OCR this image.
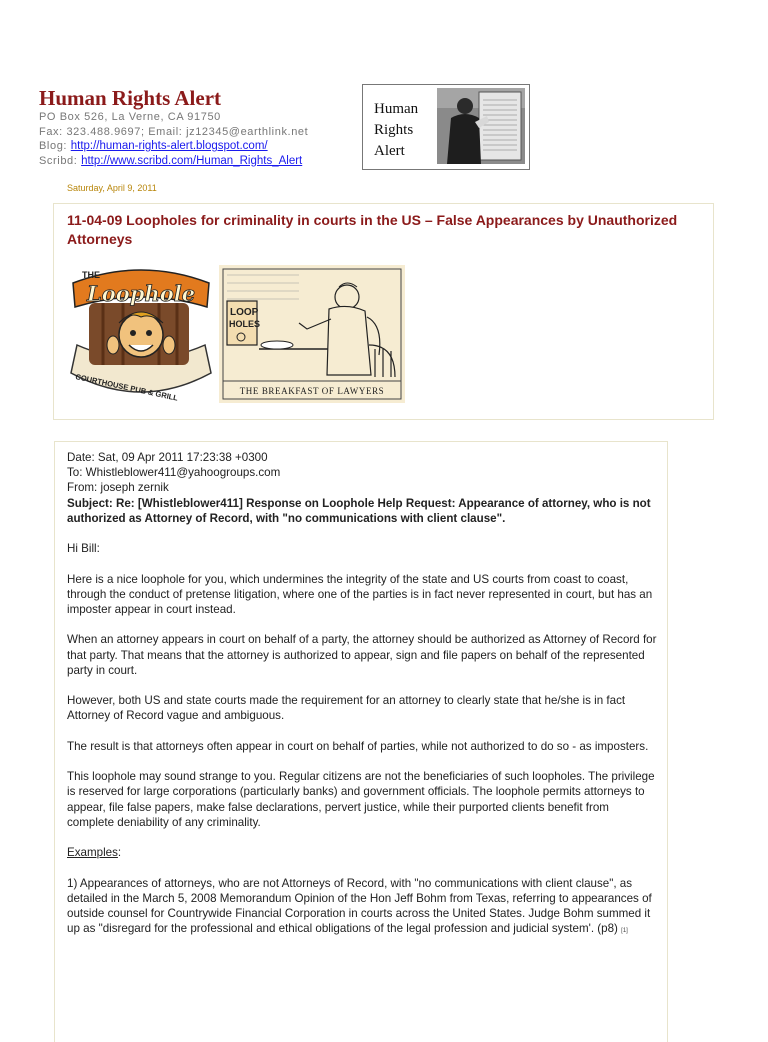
Human Rights Alert
PO Box 526, La Verne, CA 91750
Fax: 323.488.9697; Email: jz12345@earthlink.net
Blog: http://human-rights-alert.blogspot.com/
Scribd: http://www.scribd.com/Human_Rights_Alert
Human
Rights
Alert
Saturday, April 9, 2011
11-04-09 Loopholes for criminality in courts in the US – False Appearances by Unauthorized Attorneys
COURTHOUSE PUB & GRILL
THE
Loophole
LOOP
HOLES
THE BREAKFAST OF LAWYERS
Date: Sat, 09 Apr 2011 17:23:38 +0300
To: Whistleblower411@yahoogroups.com
From: joseph zernik
Subject: Re: [Whistleblower411] Response on Loophole Help Request: Appearance of attorney, who is not authorized as Attorney of Record, with "no communications with client clause".

Hi Bill:

Here is a nice loophole for you, which undermines the integrity of the state and US courts from coast to coast, through the conduct of pretense litigation, where one of the parties is in fact never represented in court, but has an imposter appear in court instead.

When an attorney appears in court on behalf of a party, the attorney should be authorized as Attorney of Record for that party. That means that the attorney is authorized to appear, sign and file papers on behalf of the represented party in court.

However, both US and state courts made the requirement for an attorney to clearly state that he/she is in fact Attorney of Record vague and ambiguous.

The result is that attorneys often appear in court on behalf of parties, while not authorized to do so - as imposters.

This loophole may sound strange to you. Regular citizens are not the beneficiaries of such loopholes. The privilege is reserved for large corporations (particularly banks) and government officials. The loophole permits attorneys to appear, file false papers, make false declarations, pervert justice, while their purported clients benefit from complete deniability of any criminality.

Examples:

1) Appearances of attorneys, who are not Attorneys of Record, with "no communications with client clause", as detailed in the March 5, 2008 Memorandum Opinion of the Hon Jeff Bohm from Texas, referring to appearances of outside counsel for Countrywide Financial Corporation in courts across the United States. Judge Bohm summed it up as "disregard for the professional and ethical obligations of the legal profession and judicial system'. (p8) [1]
